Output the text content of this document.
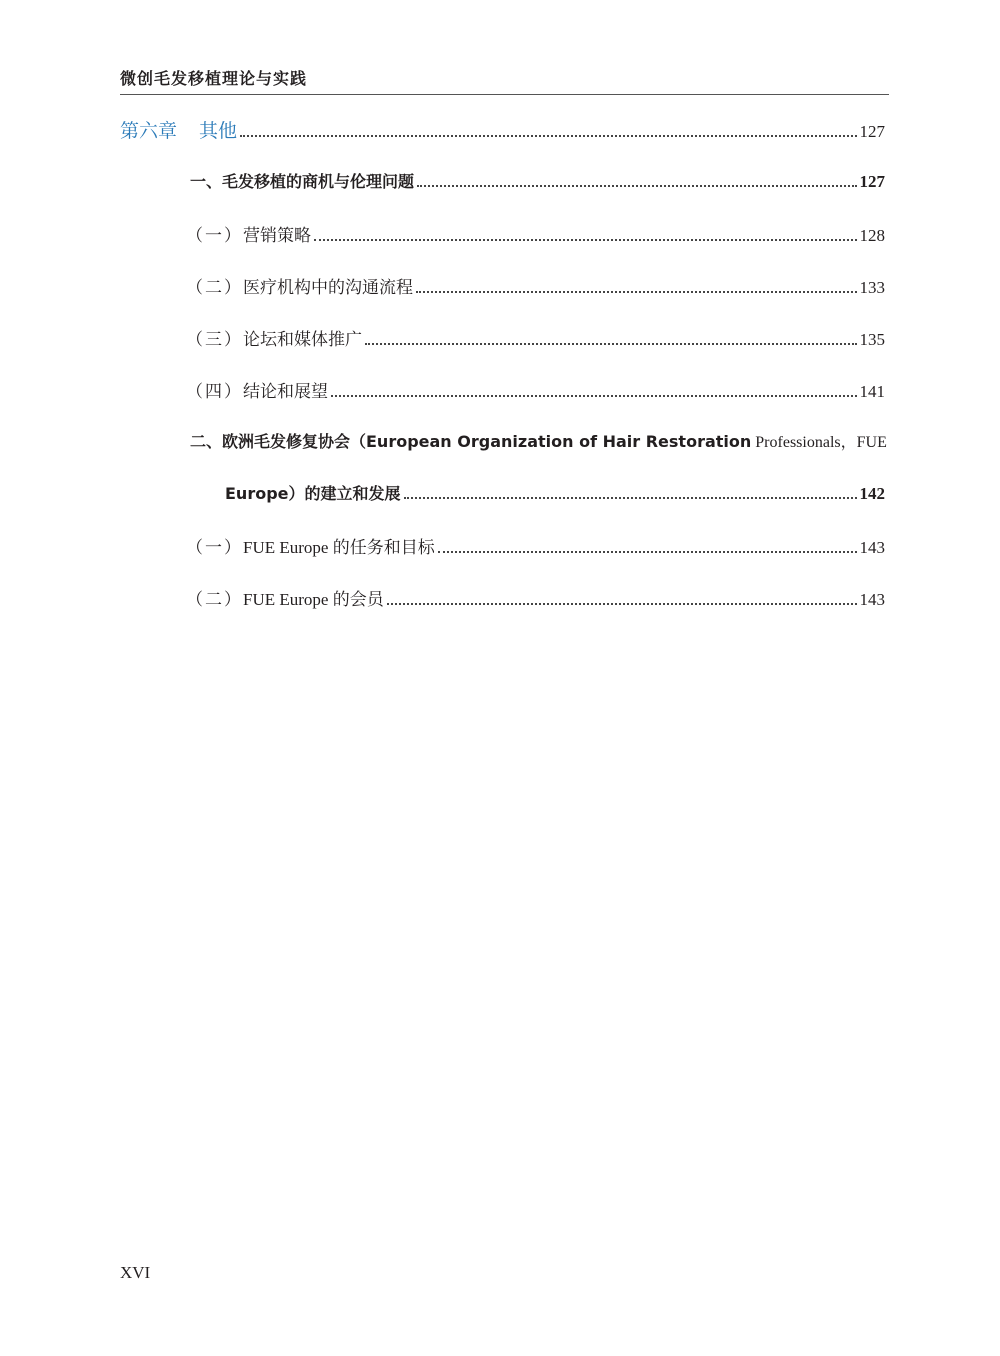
微创毛发移植理论与实践
第六章 其他	127
一、毛发移植的商机与伦理问题	127
（一） 营销策略	128
（二） 医疗机构中的沟通流程	133
（三） 论坛和媒体推广	135
（四） 结论和展望	141
二、欧洲毛发修复协会（European Organization of Hair Restoration Professionals，FUE
Europe）的建立和发展	142
（一） FUE Europe 的任务和目标	143
（二） FUE Europe 的会员	143
XVI
